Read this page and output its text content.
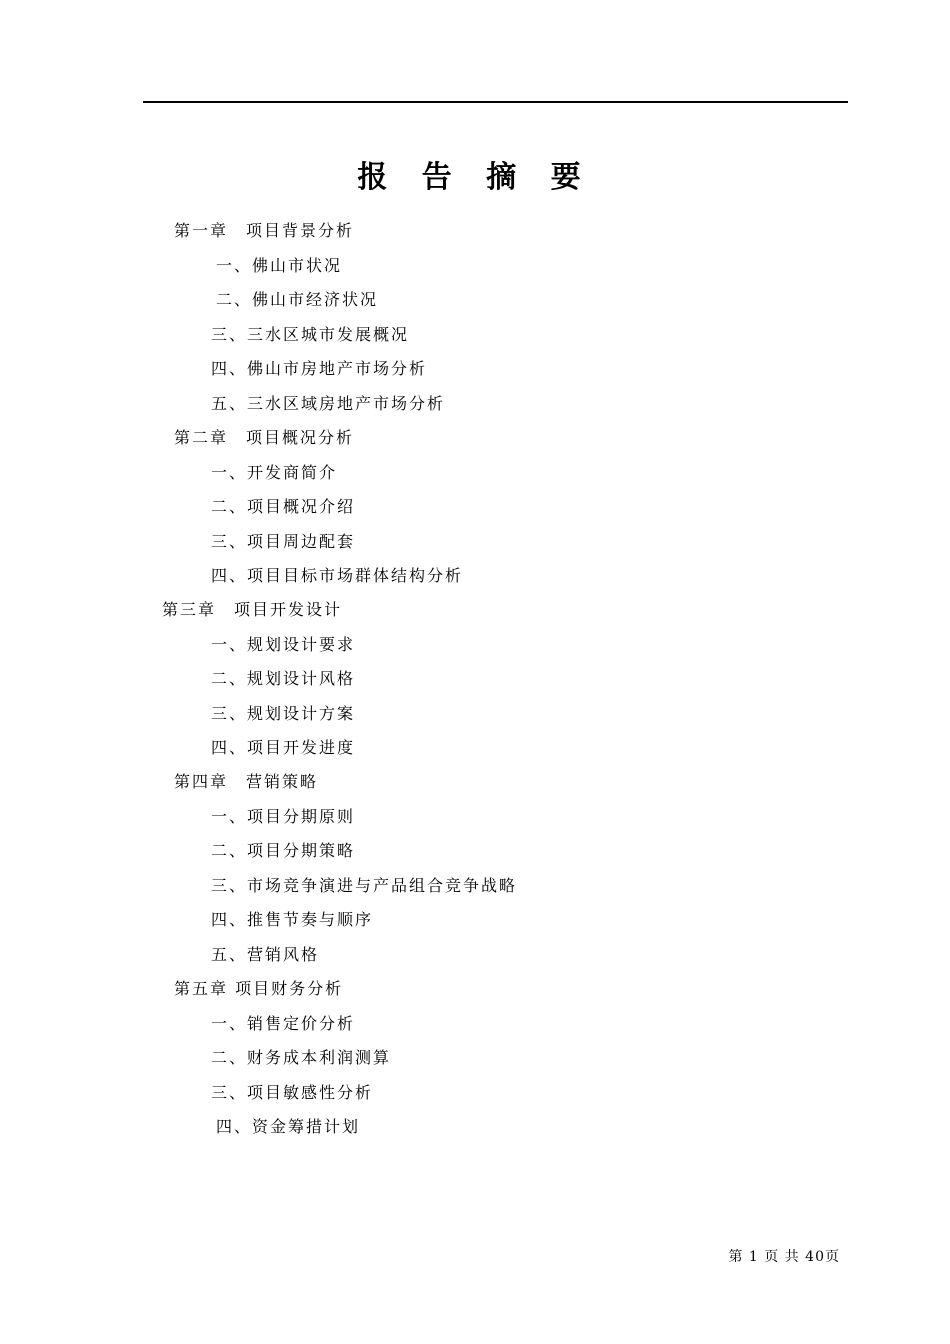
报 告 摘 要
第一章　项目背景分析
一、佛山市状况
二、佛山市经济状况
三、三水区城市发展概况
四、佛山市房地产市场分析
五、三水区域房地产市场分析
第二章　项目概况分析
一、开发商简介
二、项目概况介绍
三、项目周边配套
四、项目目标市场群体结构分析
第三章　项目开发设计
一、规划设计要求
二、规划设计风格
三、规划设计方案
四、项目开发进度
第四章　营销策略
一、项目分期原则
二、项目分期策略
三、市场竞争演进与产品组合竞争战略
四、推售节奏与顺序
五、营销风格
第五章 项目财务分析
一、销售定价分析
二、财务成本利润测算
三、项目敏感性分析
四、资金筹措计划
第 1 页 共 40页
